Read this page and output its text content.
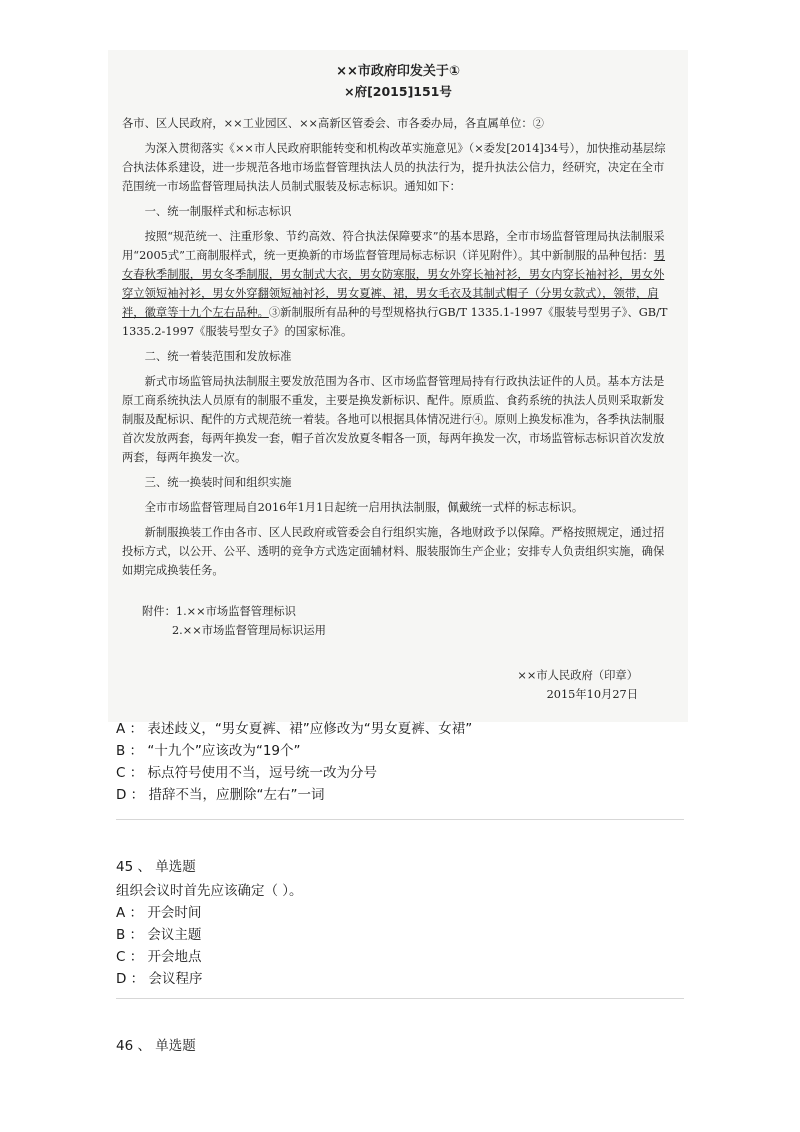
××市政府印发关于①
×府[2015]151号

各市、区人民政府，××工业园区、××高新区管委会、市各委办局，各直属单位：②

为深入贯彻落实《××市人民政府职能转变和机构改革实施意见》（×委发[2014]34号），加快推动基层综合执法体系建设，进一步规范各地市场监督管理执法人员的执法行为，提升执法公信力，经研究，决定在全市范围统一市场监督管理局执法人员制式服装及标志标识。通知如下：

一、统一制服样式和标志标识

按照“规范统一、注重形象、节约高效、符合执法保障要求”的基本思路，全市市场监督管理局执法制服采用“2005式”工商制服样式，统一更换新的市场监督管理局标志标识（详见附件）。其中新制服的品种包括：男女春秋季制服，男女冬季制服，男女制式大衣，男女防寒服，男女外穿长袖衬衫，男女内穿长袖衬衫，男女外穿立领短袖衬衫，男女外穿翻领短袖衬衫，男女夏裤、裙，男女毛衣及其制式帽子（分男女款式），领带，肩袢，徽章等十九个左右品种。③新制服所有品种的号型规格执行GB/T 1335.1-1997《服装号型男子》、GB/T 1335.2-1997《服装号型女子》的国家标准。

二、统一着装范围和发放标准

新式市场监管局执法制服主要发放范围为各市、区市场监督管理局持有行政执法证件的人员。基本方法是原工商系统执法人员原有的制服不重发，主要是换发新标识、配件。原质监、食药系统的执法人员则采取新发制服及配标识、配件的方式规范统一着装。各地可以根据具体情况进行④。原则上换发标准为，各季执法制服首次发放两套，每两年换发一套，帽子首次发放夏冬帽各一顶，每两年换发一次，市场监管标志标识首次发放两套，每两年换发一次。

三、统一换装时间和组织实施

全市市场监督管理局自2016年1月1日起统一启用执法制服，佩戴统一式样的标志标识。

新制服换装工作由各市、区人民政府或管委会自行组织实施，各地财政予以保障。严格按照规定，通过招投标方式，以公开、公平、透明的竞争方式选定面辅材料、服装服饰生产企业；安排专人负责组织实施，确保如期完成换装任务。

附件：1.××市场监督管理标识
2.××市场监督管理局标识运用
××市人民政府（印章）
2015年10月27日
A ： 表述歧义，“男女夏裤、裙”应修改为“男女夏裤、女裙”
B ： “十九个”应该改为“19个”
C ： 标点符号使用不当，逗号统一改为分号
D ： 措辞不当，应删除“左右”一词
45 、 单选题
组织会议时首先应该确定（ ）。
A ： 开会时间
B ： 会议主题
C ： 开会地点
D ： 会议程序
46 、 单选题
